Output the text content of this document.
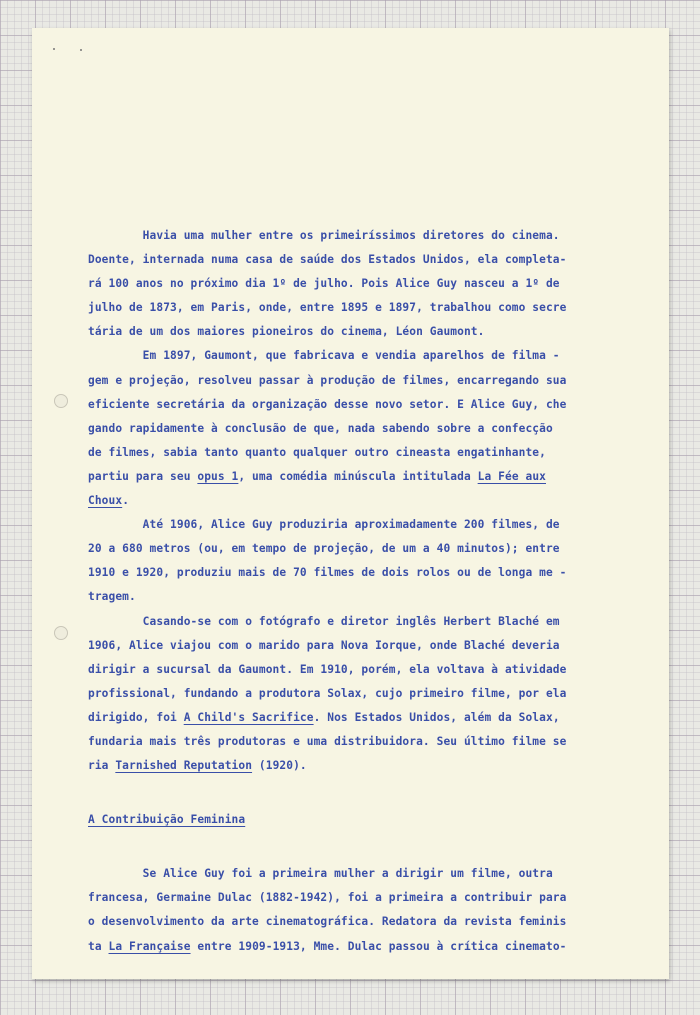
Havia uma mulher entre os primeiríssimos diretores do cinema.
Doente, internada numa casa de saúde dos Estados Unidos, ela completa-
rá 100 anos no próximo dia 1º de julho. Pois Alice Guy nasceu a 1º de
julho de 1873, em Paris, onde, entre 1895 e 1897, trabalhou como secre
tária de um dos maiores pioneiros do cinema, Léon Gaumont.
Em 1897, Gaumont, que fabricava e vendia aparelhos de filma -
gem e projeção, resolveu passar à produção de filmes, encarregando sua
eficiente secretária da organização desse novo setor. E Alice Guy, che
gando rapidamente à conclusão de que, nada sabendo sobre a confecção
de filmes, sabia tanto quanto qualquer outro cineasta engatinhante,
partiu para seu opus 1, uma comédia minúscula intitulada La Fée aux
Choux.
Até 1906, Alice Guy produziria aproximadamente 200 filmes, de
20 a 680 metros (ou, em tempo de projeção, de um a 40 minutos); entre
1910 e 1920, produziu mais de 70 filmes de dois rolos ou de longa me -
tragem.
Casando-se com o fotógrafo e diretor inglês Herbert Blaché em
1906, Alice viajou com o marido para Nova Iorque, onde Blaché deveria
dirigir a sucursal da Gaumont. Em 1910, porém, ela voltava à atividade
profissional, fundando a produtora Solax, cujo primeiro filme, por ela
dirigido, foi A Child's Sacrifice. Nos Estados Unidos, além da Solax,
fundaria mais três produtoras e uma distribuidora. Seu último filme se
ria Tarnished Reputation (1920).
A Contribuição Feminina
Se Alice Guy foi a primeira mulher a dirigir um filme, outra
francesa, Germaine Dulac (1882-1942), foi a primeira a contribuir para
o desenvolvimento da arte cinematográfica. Redatora da revista feminis
ta La Française entre 1909-1913, Mme. Dulac passou à crítica cinemato-
